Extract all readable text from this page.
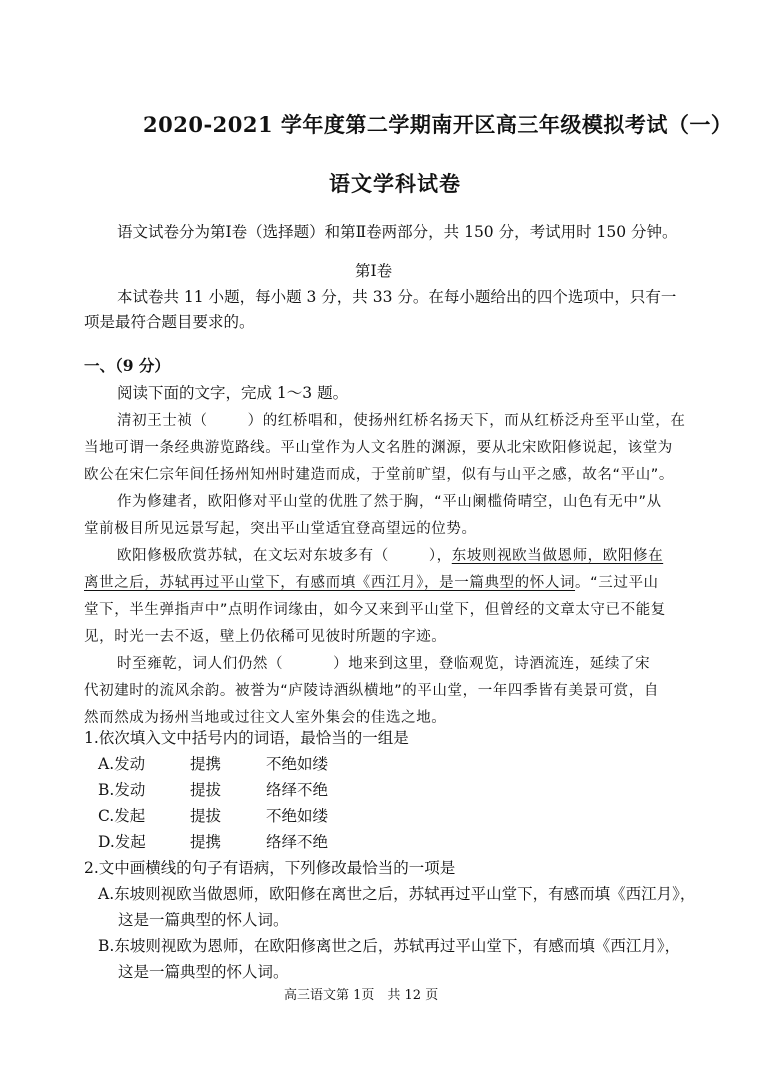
2020-2021 学年度第二学期南开区高三年级模拟考试（一）
语文学科试卷
语文试卷分为第Ⅰ卷（选择题）和第Ⅱ卷两部分，共 150 分，考试用时 150 分钟。
第Ⅰ卷
本试卷共 11 小题，每小题 3 分，共 33 分。在每小题给出的四个选项中，只有一
项是最符合题目要求的。
一、（9 分）
阅读下面的文字，完成 1～3 题。
清初王士祯（	）的红桥唱和，使扬州红桥名扬天下，而从红桥泛舟至平山堂，在
当地可谓一条经典游览路线。平山堂作为人文名胜的渊源，要从北宋欧阳修说起，该堂为
欧公在宋仁宗年间任扬州知州时建造而成，于堂前旷望，似有与山平之感，故名“平山”。
作为修建者，欧阳修对平山堂的优胜了然于胸，“平山阑槛倚晴空，山色有无中”从
堂前极目所见远景写起，突出平山堂适宜登高望远的位势。
欧阳修极欣赏苏轼，在文坛对东坡多有（	），东坡则视欧当做恩师，欧阳修在
离世之后，苏轼再过平山堂下，有感而填《西江月》，是一篇典型的怀人词。“三过平山
堂下，半生弹指声中”点明作词缘由，如今又来到平山堂下，但曾经的文章太守已不能复
见，时光一去不返，壁上仍依稀可见彼时所题的字迹。
时至雍乾，词人们仍然（	）地来到这里，登临观览，诗酒流连，延续了宋
代初建时的流风余韵。被誉为“庐陵诗酒纵横地”的平山堂，一年四季皆有美景可赏，自
然而然成为扬州当地或过往文人室外集会的佳选之地。
1.依次填入文中括号内的词语，最恰当的一组是
A.发动	提携	不绝如缕
B.发动	提拔	络绎不绝
C.发起	提拔	不绝如缕
D.发起	提携	络绎不绝
2.文中画横线的句子有语病，下列修改最恰当的一项是
A.东坡则视欧当做恩师，欧阳修在离世之后，苏轼再过平山堂下，有感而填《西江月》，
这是一篇典型的怀人词。
B.东坡则视欧为恩师，在欧阳修离世之后，苏轼再过平山堂下，有感而填《西江月》，
这是一篇典型的怀人词。
高三语文第 1页　共 12 页
